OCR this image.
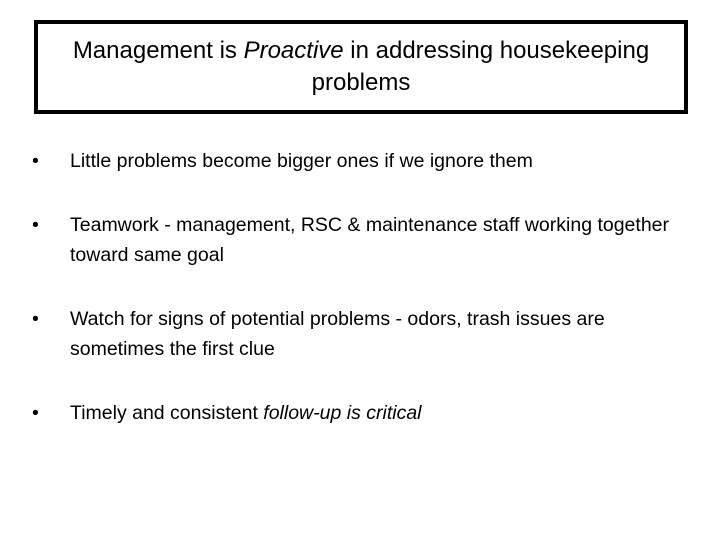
Management is Proactive in addressing housekeeping problems
•	Little problems become bigger ones if we ignore them
•	Teamwork - management, RSC & maintenance staff working together toward same goal
•	Watch for signs of potential problems - odors, trash issues are sometimes the first clue
•	Timely and consistent follow-up is critical
